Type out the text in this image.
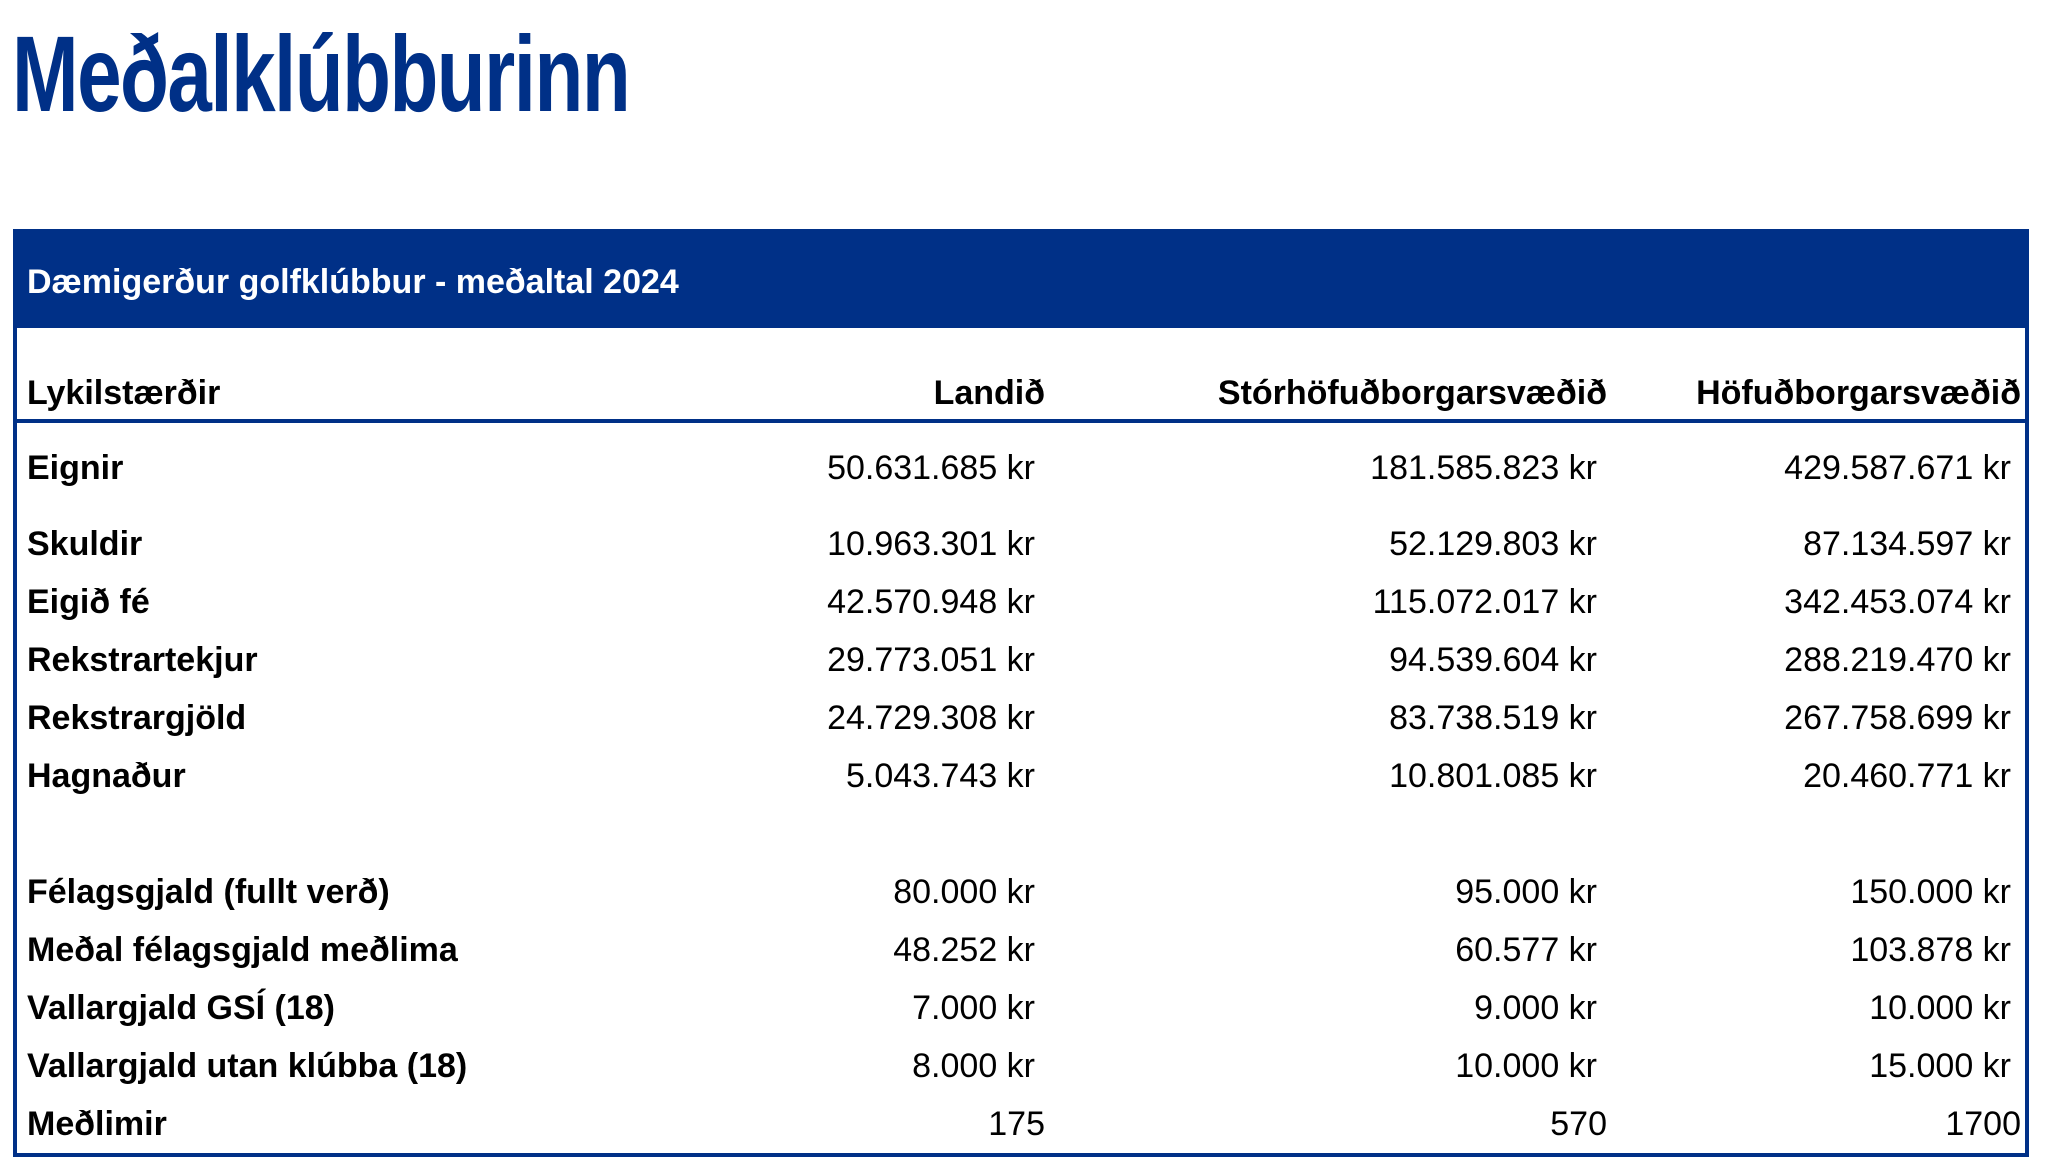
Meðalklúbburinn
Dæmigerður golfklúbbur - meðaltal 2024
Lykilstærðir	Landið	Stórhöfuðborgarsvæðið	Höfuðborgarsvæðið
Eignir	50.631.685 kr	181.585.823 kr	429.587.671 kr
Skuldir	10.963.301 kr	52.129.803 kr	87.134.597 kr
Eigið fé	42.570.948 kr	115.072.017 kr	342.453.074 kr
Rekstrartekjur	29.773.051 kr	94.539.604 kr	288.219.470 kr
Rekstrargjöld	24.729.308 kr	83.738.519 kr	267.758.699 kr
Hagnaður	5.043.743 kr	10.801.085 kr	20.460.771 kr
Félagsgjald (fullt verð)	80.000 kr	95.000 kr	150.000 kr
Meðal félagsgjald meðlima	48.252 kr	60.577 kr	103.878 kr
Vallargjald GSÍ (18)	7.000 kr	9.000 kr	10.000 kr
Vallargjald utan klúbba (18)	8.000 kr	10.000 kr	15.000 kr
Meðlimir	175	570	1700
